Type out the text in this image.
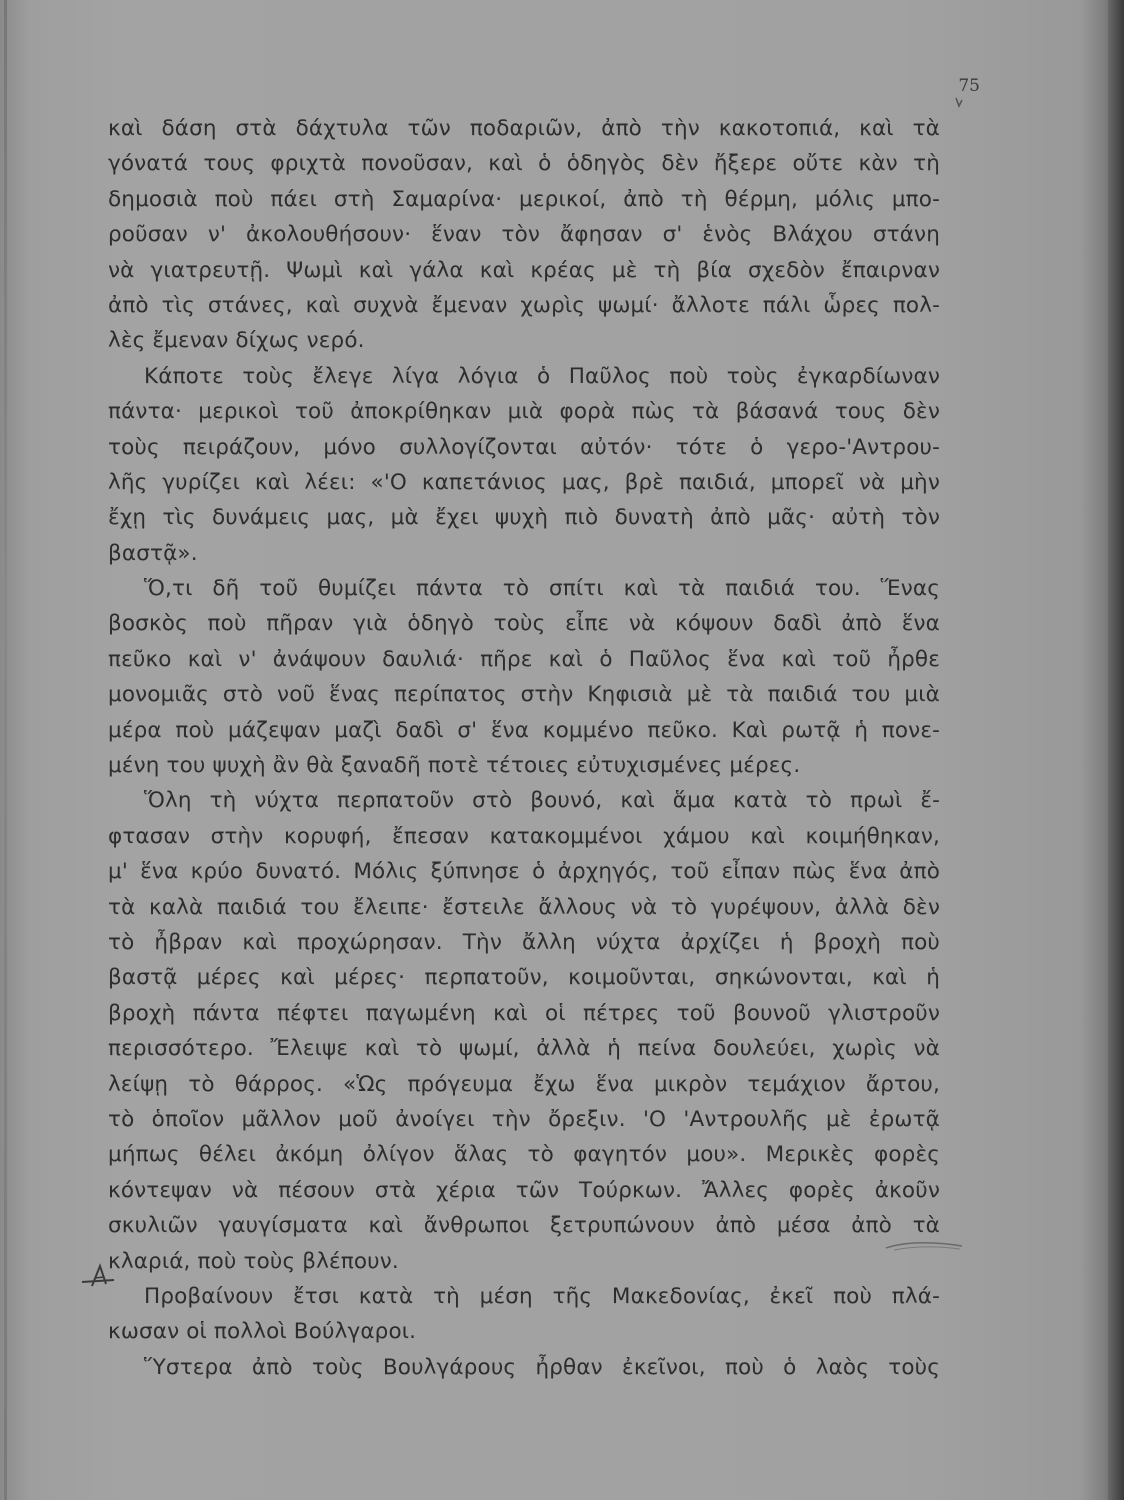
75
καὶ δάση στὰ δάχτυλα τῶν ποδαριῶν, ἀπὸ τὴν κακοτοπιά, καὶ τὰ
γόνατά τους φριχτὰ πονοῦσαν, καὶ ὁ ὁδηγὸς δὲν ἤξερε οὔτε κὰν τὴ
δημοσιὰ ποὺ πάει στὴ Σαμαρίνα· μερικοί, ἀπὸ τὴ θέρμη, μόλις μπο-
ροῦσαν ν' ἀκολουθήσουν· ἕναν τὸν ἄφησαν σ' ἑνὸς Βλάχου στάνη
νὰ γιατρευτῇ. Ψωμὶ καὶ γάλα καὶ κρέας μὲ τὴ βία σχεδὸν ἔπαιρναν
ἀπὸ τὶς στάνες, καὶ συχνὰ ἔμεναν χωρὶς ψωμί· ἄλλοτε πάλι ὧρες πολ-
λὲς ἔμεναν δίχως νερό.
Κάποτε τοὺς ἔλεγε λίγα λόγια ὁ Παῦλος ποὺ τοὺς ἐγκαρδίωναν
πάντα· μερικοὶ τοῦ ἀποκρίθηκαν μιὰ φορὰ πὼς τὰ βάσανά τους δὲν
τοὺς πειράζουν, μόνο συλλογίζονται αὐτόν· τότε ὁ γερο-'Αντρου-
λῆς γυρίζει καὶ λέει: «'Ο καπετάνιος μας, βρὲ παιδιά, μπορεῖ νὰ μὴν
ἔχῃ τὶς δυνάμεις μας, μὰ ἔχει ψυχὴ πιὸ δυνατὴ ἀπὸ μᾶς· αὐτὴ τὸν
βαστᾷ».
Ὅ,τι δῆ τοῦ θυμίζει πάντα τὸ σπίτι καὶ τὰ παιδιά του. Ἕνας
βοσκὸς ποὺ πῆραν γιὰ ὁδηγὸ τοὺς εἶπε νὰ κόψουν δαδὶ ἀπὸ ἕνα
πεῦκο καὶ ν' ἀνάψουν δαυλιά· πῆρε καὶ ὁ Παῦλος ἕνα καὶ τοῦ ἦρθε
μονομιᾶς στὸ νοῦ ἕνας περίπατος στὴν Κηφισιὰ μὲ τὰ παιδιά του μιὰ
μέρα ποὺ μάζεψαν μαζὶ δαδὶ σ' ἕνα κομμένο πεῦκο. Καὶ ρωτᾷ ἡ πονε-
μένη του ψυχὴ ἂν θὰ ξαναδῆ ποτὲ τέτοιες εὐτυχισμένες μέρες.
Ὅλη τὴ νύχτα περπατοῦν στὸ βουνό, καὶ ἅμα κατὰ τὸ πρωὶ ἔ-
φτασαν στὴν κορυφή, ἔπεσαν κατακομμένοι χάμου καὶ κοιμήθηκαν,
μ' ἕνα κρύο δυνατό. Μόλις ξύπνησε ὁ ἀρχηγός, τοῦ εἶπαν πὼς ἕνα ἀπὸ
τὰ καλὰ παιδιά του ἔλειπε· ἔστειλε ἄλλους νὰ τὸ γυρέψουν, ἀλλὰ δὲν
τὸ ἦβραν καὶ προχώρησαν. Τὴν ἄλλη νύχτα ἀρχίζει ἡ βροχὴ ποὺ
βαστᾷ μέρες καὶ μέρες· περπατοῦν, κοιμοῦνται, σηκώνονται, καὶ ἡ
βροχὴ πάντα πέφτει παγωμένη καὶ οἱ πέτρες τοῦ βουνοῦ γλιστροῦν
περισσότερο. Ἔλειψε καὶ τὸ ψωμί, ἀλλὰ ἡ πείνα δουλεύει, χωρὶς νὰ
λείψῃ τὸ θάρρος. «Ὡς πρόγευμα ἔχω ἕνα μικρὸν τεμάχιον ἄρτου,
τὸ ὁποῖον μᾶλλον μοῦ ἀνοίγει τὴν ὄρεξιν. 'Ο 'Αντρουλῆς μὲ ἐρωτᾷ
μήπως θέλει ἀκόμη ὀλίγον ἅλας τὸ φαγητόν μου». Μερικὲς φορὲς
κόντεψαν νὰ πέσουν στὰ χέρια τῶν Τούρκων. Ἄλλες φορὲς ἀκοῦν
σκυλιῶν γαυγίσματα καὶ ἄνθρωποι ξετρυπώνουν ἀπὸ μέσα ἀπὸ τὰ
κλαριά, ποὺ τοὺς βλέπουν.
Προβαίνουν ἔτσι κατὰ τὴ μέση τῆς Μακεδονίας, ἐκεῖ ποὺ πλά-
κωσαν οἱ πολλοὶ Βούλγαροι.
Ὕστερα ἀπὸ τοὺς Βουλγάρους ἦρθαν ἐκεῖνοι, ποὺ ὁ λαὸς τοὺς
